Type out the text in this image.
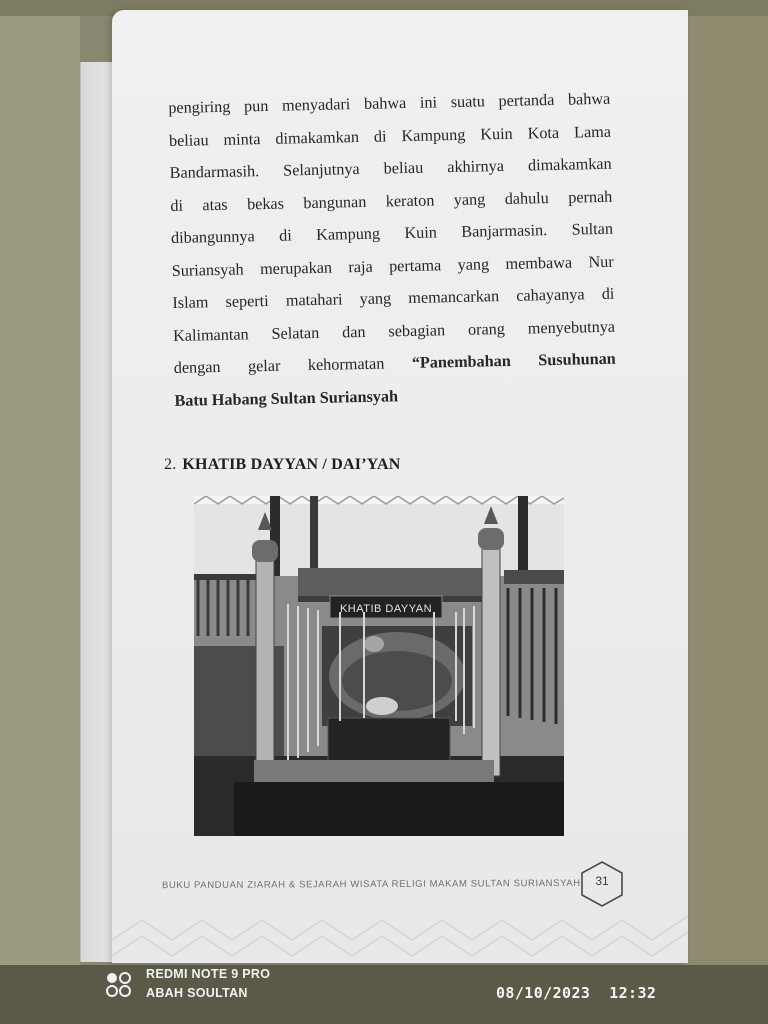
pengiring pun menyadari bahwa ini suatu pertanda bahwa
beliau minta dimakamkan di Kampung Kuin Kota Lama
Bandarmasih. Selanjutnya beliau akhirnya dimakamkan
di atas bekas bangunan keraton yang dahulu pernah
dibangunnya di Kampung Kuin Banjarmasin. Sultan
Suriansyah merupakan raja pertama yang membawa Nur
Islam seperti matahari yang memancarkan cahayanya di
Kalimantan Selatan dan sebagian orang menyebutnya
dengan gelar kehormatan “Panembahan Susuhunan
Batu Habang Sultan Suriansyah
2. KHATIB DAYYAN / DAI’YAN
KHATIB DAYYAN
BUKU PANDUAN ZIARAH & SEJARAH WISATA RELIGI MAKAM SULTAN SURIANSYAH	31
REDMI NOTE 9 PRO
ABAH SOULTAN	08/10/2023 12:32
